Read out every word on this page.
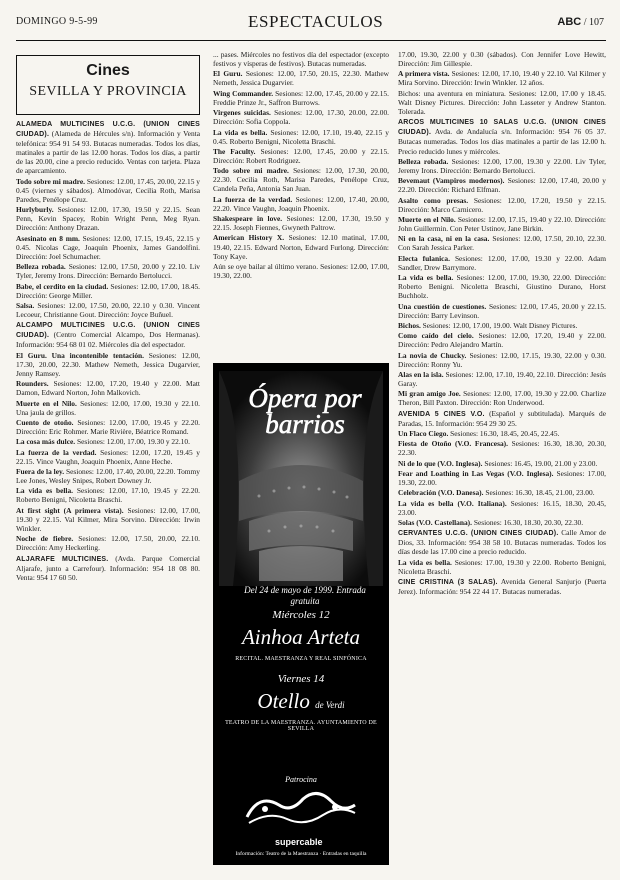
DOMINGO 9-5-99	ESPECTACULOS	ABC / 107
Cines
SEVILLA Y PROVINCIA

ALAMEDA MULTICINES U.C.G. (UNION CINES CIUDAD). (Alameda de Hércules s/n). Información y Venta telefónica: 954 91 54 93. Butacas numeradas. Todos los días, matinales a partir de las 12.00 horas. Todos los días, a partir de las 20.00, cine a precio reducido. Ventas con tarjeta. Plaza de aparcamiento.

Todo sobre mi madre. Sesiones: 12.00, 17.45, 20.00, 22.15 y 0.45 (viernes y sábados). Almodóvar, Cecilia Roth, Marisa Paredes, Penélope Cruz.

Hurlyburly. Sesiones: 12.00, 17.30, 19.50 y 22.15. Sean Penn, Kevin Spacey, Robin Wright Penn, Meg Ryan. Dirección: Anthony Drazan.

Asesinato en 8 mm. Sesiones: 12.00, 17.15, 19.45, 22.15 y 0.45. Nicolas Cage, Joaquín Phoenix, James Gandolfini. Dirección: Joel Schumacher.

Belleza robada. Sesiones: 12.00, 17.50, 20.00 y 22.10. Liv Tyler, Jeremy Irons. Dirección: Bernardo Bertolucci.

Babe, el cerdito en la ciudad. Sesiones: 12.00, 17.00, 18.45. Dirección: George Miller.

Salsa. Sesiones: 12.00, 17.50, 20.00, 22.10 y 0.30. Vincent Lecoeur, Christianne Gout. Dirección: Joyce Buñuel.

ALCAMPO MULTICINES U.C.G. (UNION CINES CIUDAD). (Centro Comercial Alcampo, Dos Hermanas). Información: 954 68 01 02. Miércoles día del espectador.

El Guru. Una incontenible tentación. Sesiones: 12.00, 17.30, 20.00, 22.30. Mathew Nemeth, Jessica Dugarvier, Jenny Ramsey.

Rounders. Sesiones: 12.00, 17.20, 19.40 y 22.00. Matt Damon, Edward Norton, John Malkovich.

Muerte en el Nilo. Sesiones: 12.00, 17.00, 19.30 y 22.10. Una jaula de grillos.

Cuento de otoño. Sesiones: 12.00, 17.00, 19.45 y 22.20. Dirección: Eric Rohmer. Marie Rivière, Béatrice Romand.

La cosa más dulce. Sesiones: 12.00, 17.00, 19.30 y 22.10.

La fuerza de la verdad. Sesiones: 12.00, 17.20, 19.45 y 22.15. Vince Vaughn, Joaquin Phoenix, Anne Heche.

Fuera de la ley. Sesiones: 12.00, 17.40, 20.00, 22.20. Tommy Lee Jones, Wesley Snipes, Robert Downey Jr.

La vida es bella. Sesiones: 12.00, 17.10, 19.45 y 22.20. Roberto Benigni, Nicoletta Braschi.

At first sight (A primera vista). Sesiones: 12.00, 17.00, 19.30 y 22.15. Val Kilmer, Mira Sorvino. Dirección: Irwin Winkler.

Noche de fiebre. Sesiones: 12.00, 17.50, 20.00, 22.10. Dirección: Amy Heckerling.

ALJARAFE MULTICINES. (Avda. Parque Comercial Aljarafe, junto a Carrefour). Información: 954 18 08 80. Venta: 954 17 60 50.

... pases. Miércoles no festivos día del espectador (excepto festivos y vísperas de festivos). Butacas numeradas.

El Guru. Sesiones: 12.00, 17.50, 20.15, 22.30. Mathew Nemeth, Jessica Dugarvier.

Wing Commander. Sesiones: 12.00, 17.45, 20.00 y 22.15. Freddie Prinze Jr., Saffron Burrows.

Virgenes suicidas. Sesiones: 12.00, 17.30, 20.00, 22.00. Dirección: Sofia Coppola.

La vida es bella. Sesiones: 12.00, 17.10, 19.40, 22.15 y 0.45. Roberto Benigni, Nicoletta Braschi.

The Faculty. Sesiones: 12.00, 17.45, 20.00 y 22.15. Dirección: Robert Rodriguez.

Todo sobre mi madre. Sesiones: 12.00, 17.30, 20.00, 22.30. Cecilia Roth, Marisa Paredes, Penélope Cruz, Candela Peña, Antonia San Juan.

La fuerza de la verdad. Sesiones: 12.00, 17.40, 20.00, 22.20. Vince Vaughn, Joaquin Phoenix.

Shakespeare in love. Sesiones: 12.00, 17.30, 19.50 y 22.15. Joseph Fiennes, Gwyneth Paltrow.

American History X. Sesiones: 12.10 matinal, 17.00, 19.40, 22.15. Edward Norton, Edward Furlong. Dirección: Tony Kaye.

Aún se oye bailar al último verano. Sesiones: 12.00, 17.00, 19.30, 22.00.

17.00, 19.30, 22.00 y 0.30 (sábados). Con Jennifer Love Hewitt, Dirección: Jim Gillespie.

A primera vista. Sesiones: 12.00, 17.10, 19.40 y 22.10. Val Kilmer y Mira Sorvino. Dirección: Irwin Winkler. 12 años.

Bichos: una aventura en miniatura. Sesiones: 12.00, 17.00 y 18.45. Walt Disney Pictures. Dirección: John Lasseter y Andrew Stanton. Tolerada.

ARCOS MULTICINES 10 SALAS U.C.G. (UNION CINES CIUDAD). Avda. de Andalucía s/n. Información: 954 76 05 37. Butacas numeradas. Todos los días matinales a partir de las 12.00 h. Precio reducido lunes y miércoles.

Belleza robada. Sesiones: 12.00, 17.00, 19.30 y 22.00. Liv Tyler, Jeremy Irons. Dirección: Bernardo Bertolucci.

Bevemaut (Vampiros modernos). Sesiones: 12.00, 17.40, 20.00 y 22.20. Dirección: Richard Elfman.

Asalto como presas. Sesiones: 12.00, 17.20, 19.50 y 22.15. Dirección: Marco Carnicero.

Muerte en el Nilo. Sesiones: 12.00, 17.15, 19.40 y 22.10. Dirección: John Guillermin. Con Peter Ustinov, Jane Birkin.

Ni en la casa, ni en la casa. Sesiones: 12.00, 17.50, 20.10, 22.30. Con Sarah Jessica Parker.

Electa fulanica. Sesiones: 12.00, 17.00, 19.30 y 22.00. Adam Sandler, Drew Barrymore.

La vida es bella. Sesiones: 12.00, 17.00, 19.30, 22.00. Dirección: Roberto Benigni. Nicoletta Braschi, Giustino Durano, Horst Buchholz.

Una cuestión de cuestiones. Sesiones: 12.00, 17.45, 20.00 y 22.15. Dirección: Barry Levinson.

Bichos. Sesiones: 12.00, 17.00, 19.00. Walt Disney Pictures.

Como caído del cielo. Sesiones: 12.00, 17.20, 19.40 y 22.00. Dirección: Pedro Alejandro Martín.

La novia de Chucky. Sesiones: 12.00, 17.15, 19.30, 22.00 y 0.30. Dirección: Ronny Yu.

Alas en la isla. Sesiones: 12.00, 17.10, 19.40, 22.10. Dirección: Jesús Garay.

Mi gran amigo Joe. Sesiones: 12.00, 17.00, 19.30 y 22.00. Charlize Theron, Bill Paxton. Dirección: Ron Underwood.

AVENIDA 5 CINES V.O. (Español y subtitulada). Marqués de Paradas, 15. Información: 954 29 30 25.

Un Flaco Ciego. Sesiones: 16.30, 18.45, 20.45, 22.45.

Fiesta de Otoño (V.O. Francesa). Sesiones: 16.30, 18.30, 20.30, 22.30.

Ni de lo que (V.O. Inglesa). Sesiones: 16.45, 19.00, 21.00 y 23.00.

Fear and Loathing in Las Vegas (V.O. Inglesa). Sesiones: 17.00, 19.30, 22.00.

Celebración (V.O. Danesa). Sesiones: 16.30, 18.45, 21.00, 23.00.

La vida es bella (V.O. Italiana). Sesiones: 16.15, 18.30, 20.45, 23.00.

Solas (V.O. Castellana). Sesiones: 16.30, 18.30, 20.30, 22.30.

CERVANTES U.C.G. (UNION CINES CIUDAD). Calle Amor de Dios, 33. Información: 954 38 58 10. Butacas numeradas. Todos los días desde las 17.00 cine a precio reducido.

La vida es bella. Sesiones: 17.00, 19.30 y 22.00. Roberto Benigni, Nicoletta Braschi.

CINE CRISTINA (3 SALAS). Avenida General Sanjurjo (Puerta Jerez). Información: 954 22 44 17. Butacas numeradas.

Ópera por barrios
Del 24 de mayo de 1999. Entrada gratuita
Miércoles 12
Ainhoa Arteta
RECITAL. MAESTRANZA Y REAL SINFÓNICA
Viernes 14
Otello de Verdi
TEATRO DE LA MAESTRANZA. AYUNTAMIENTO DE SEVILLA
Patrocina
supercable
Información: Teatro de la Maestranza · Entradas en taquilla
